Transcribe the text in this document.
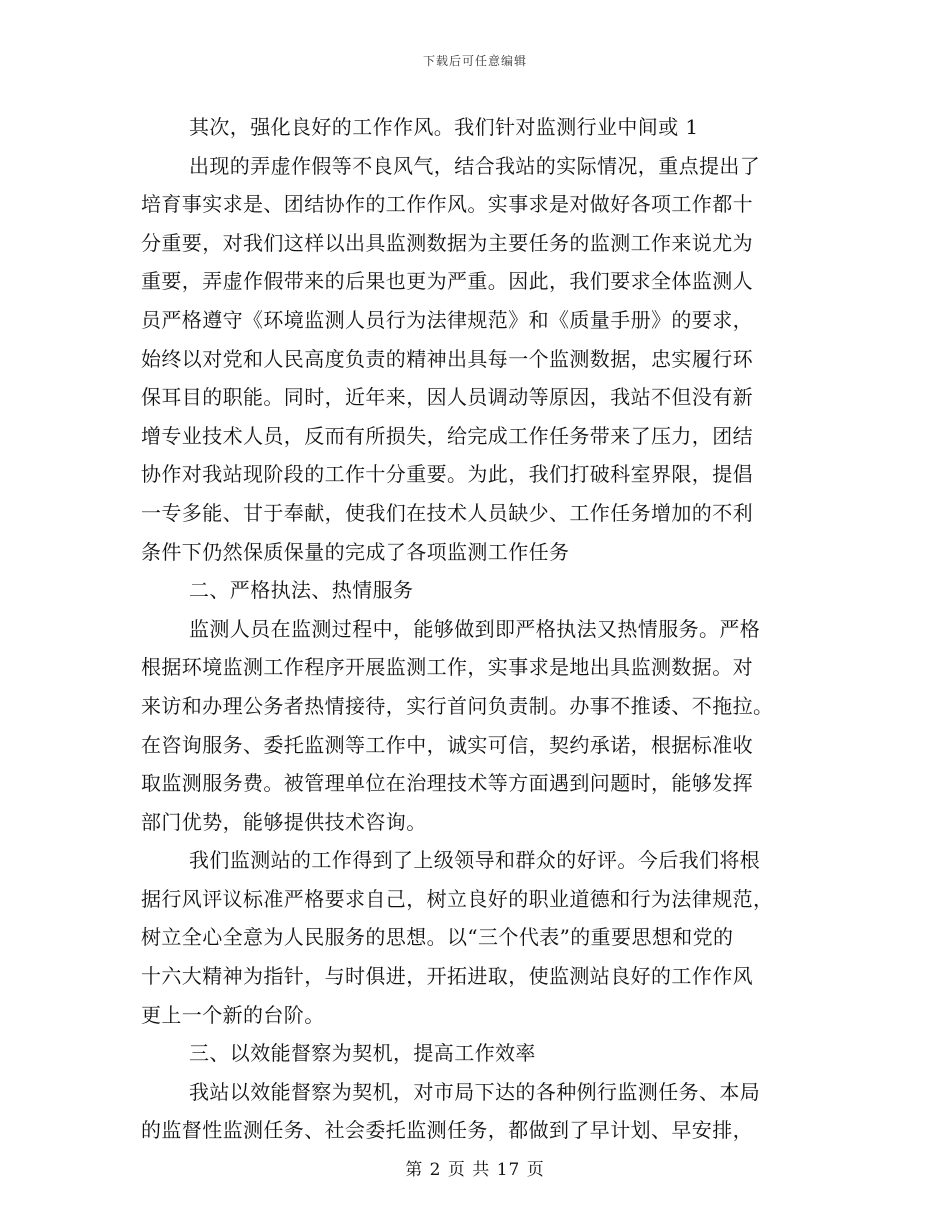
下载后可任意编辑
其次，强化良好的工作作风。我们针对监测行业中间或 1
出现的弄虚作假等不良风气，结合我站的实际情况，重点提出了
培育事实求是、团结协作的工作作风。实事求是对做好各项工作都十
分重要，对我们这样以出具监测数据为主要任务的监测工作来说尤为
重要，弄虚作假带来的后果也更为严重。因此，我们要求全体监测人
员严格遵守《环境监测人员行为法律规范》和《质量手册》的要求，
始终以对党和人民高度负责的精神出具每一个监测数据，忠实履行环
保耳目的职能。同时，近年来，因人员调动等原因，我站不但没有新
增专业技术人员，反而有所损失，给完成工作任务带来了压力，团结
协作对我站现阶段的工作十分重要。为此，我们打破科室界限，提倡
一专多能、甘于奉献，使我们在技术人员缺少、工作任务增加的不利
条件下仍然保质保量的完成了各项监测工作任务
二、严格执法、热情服务
监测人员在监测过程中，能够做到即严格执法又热情服务。严格
根据环境监测工作程序开展监测工作，实事求是地出具监测数据。对
来访和办理公务者热情接待，实行首问负责制。办事不推诿、不拖拉。
在咨询服务、委托监测等工作中，诚实可信，契约承诺，根据标准收
取监测服务费。被管理单位在治理技术等方面遇到问题时，能够发挥
部门优势，能够提供技术咨询。
我们监测站的工作得到了上级领导和群众的好评。今后我们将根
据行风评议标准严格要求自己，树立良好的职业道德和行为法律规范，
树立全心全意为人民服务的思想。以“三个代表”的重要思想和党的
十六大精神为指针，与时俱进，开拓进取，使监测站良好的工作作风
更上一个新的台阶。
三、以效能督察为契机，提高工作效率
我站以效能督察为契机，对市局下达的各种例行监测任务、本局
的监督性监测任务、社会委托监测任务，都做到了早计划、早安排，
第 2 页 共 17 页
